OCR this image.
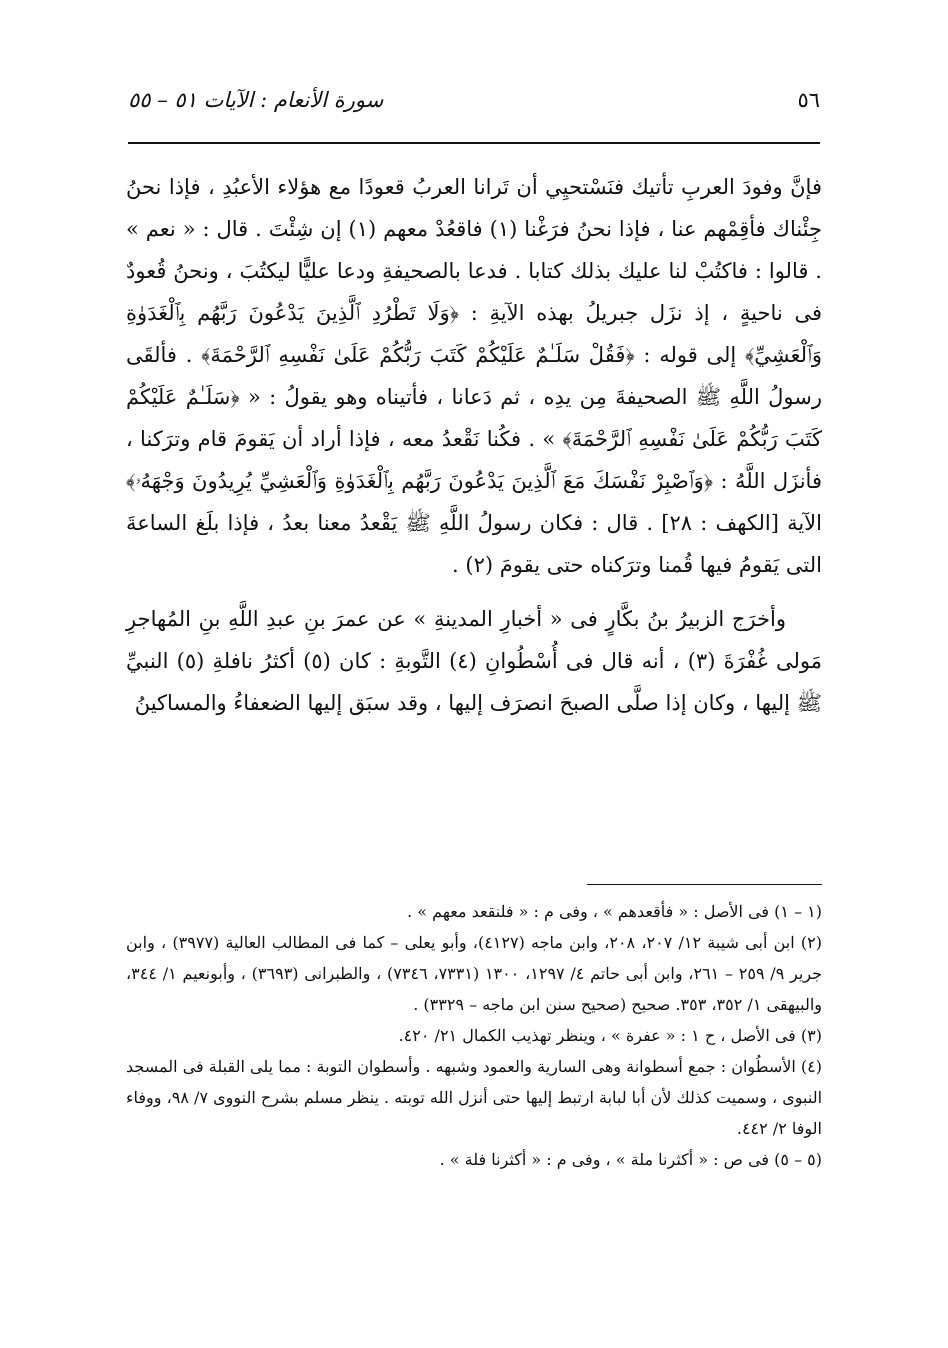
٥٦
سورة الأنعام : الآيات ٥١ – ٥٥

فإنَّ وفودَ العربِ تأتيك فنَسْتحيِي أن تَرانا العربُ قعودًا مع هؤلاء الأعبُدِ ، فإذا نحنُ جِئْناك فأقِمْهم عنا ، فإذا نحنُ فرَغْنا (١) فاقعُدْ معهم (١) إن شِئْتَ . قال : « نعم » . قالوا : فاكتُبْ لنا عليك بذلك كتابا . فدعا بالصحيفةِ ودعا عليًّا ليكتُبَ ، ونحنُ قُعودٌ فى ناحيةٍ ، إذ نزَل جبريلُ بهذه الآيةِ : ﴿وَلَا تَطْرُدِ ٱلَّذِينَ يَدْعُونَ رَبَّهُم بِٱلْغَدَوٰةِ وَٱلْعَشِيِّ﴾ إلى قوله : ﴿فَقُلْ سَلَـٰمٌ عَلَيْكُمْ كَتَبَ رَبُّكُمْ عَلَىٰ نَفْسِهِ ٱلرَّحْمَةَ﴾ . فألقَى رسولُ اللَّهِ ﷺ الصحيفةَ مِن يدِه ، ثم دَعانا ، فأتيناه وهو يقولُ : « ﴿سَلَـٰمٌ عَلَيْكُمْ كَتَبَ رَبُّكُمْ عَلَىٰ نَفْسِهِ ٱلرَّحْمَةَ﴾ » . فكُنا نَقْعدُ معه ، فإذا أراد أن يَقومَ قام وترَكنا ، فأنزَل اللَّهُ : ﴿وَٱصْبِرْ نَفْسَكَ مَعَ ٱلَّذِينَ يَدْعُونَ رَبَّهُم بِٱلْغَدَوٰةِ وَٱلْعَشِيِّ يُرِيدُونَ وَجْهَهُۥ﴾ الآية [الكهف : ٢٨] . قال : فكان رسولُ اللَّهِ ﷺ يَقْعدُ معنا بعدُ ، فإذا بلَغ الساعةَ التى يَقومُ فيها قُمنا وترَكناه حتى يقومَ (٢) .

وأخرَج الزبيرُ بنُ بكَّارٍ فى « أخبارِ المدينةِ » عن عمرَ بنِ عبدِ اللَّهِ بنِ المُهاجرِ مَولى غُفْرَةَ (٣) ، أنه قال فى أُسْطُوانِ (٤) التَّوبةِ : كان (٥) أكثرُ نافلةِ (٥) النبيِّ ﷺ إليها ، وكان إذا صلَّى الصبحَ انصرَف إليها ، وقد سبَق إليها الضعفاءُ والمساكينُ

(١ – ١) فى الأصل : « فأقعدهم » ، وفى م : « فلنقعد معهم » .

(٢) ابن أبى شيبة ١٢/ ٢٠٧، ٢٠٨، وابن ماجه (٤١٢٧)، وأبو يعلى – كما فى المطالب العالية (٣٩٧٧) ، وابن جرير ٩/ ٢٥٩ – ٢٦١، وابن أبى حاتم ٤/ ١٢٩٧، ١٣٠٠ (٧٣٣١، ٧٣٤٦) ، والطبرانى (٣٦٩٣) ، وأبونعيم ١/ ٣٤٤، والبيهقى ١/ ٣٥٢، ٣٥٣. صحيح (صحيح سنن ابن ماجه – ٣٣٢٩) .

(٣) فى الأصل ، ح ١ : « عفرة » ، وينظر تهذيب الكمال ٢١/ ٤٢٠.

(٤) الأسطُوان : جمع أسطوانة وهى السارية والعمود وشبهه . وأسطوان التوبة : مما يلى القبلة فى المسجد النبوى ، وسميت كذلك لأن أبا لبابة ارتبط إليها حتى أنزل الله توبته . ينظر مسلم بشرح النووى ٧/ ٩٨، ووفاء الوفا ٢/ ٤٤٢.

(٥ – ٥) فى ص : « أكثرنا ملة » ، وفى م : « أكثرنا فلة » .
